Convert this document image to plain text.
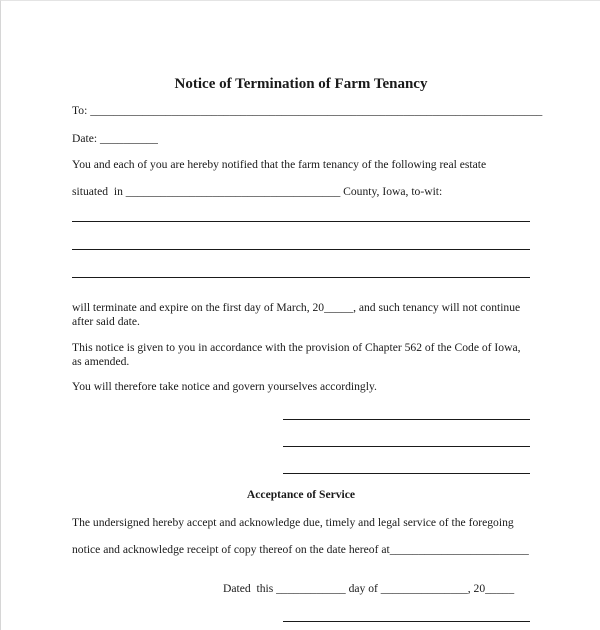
Notice of Termination of Farm Tenancy
To: ______________________________________________________________________________
Date: __________
You and each of you are hereby notified that the farm tenancy of the following real estate
situated  in _____________________________________ County, Iowa, to-wit:
will terminate and expire on the first day of March, 20_____, and such tenancy will not continue
after said date.
This notice is given to you in accordance with the provision of Chapter 562 of the Code of Iowa,
as amended.
You will therefore take notice and govern yourselves accordingly.
Acceptance of Service
The undersigned hereby accept and acknowledge due, timely and legal service of the foregoing
notice and acknowledge receipt of copy thereof on the date hereof at________________________
Dated  this ____________ day of _______________, 20_____
